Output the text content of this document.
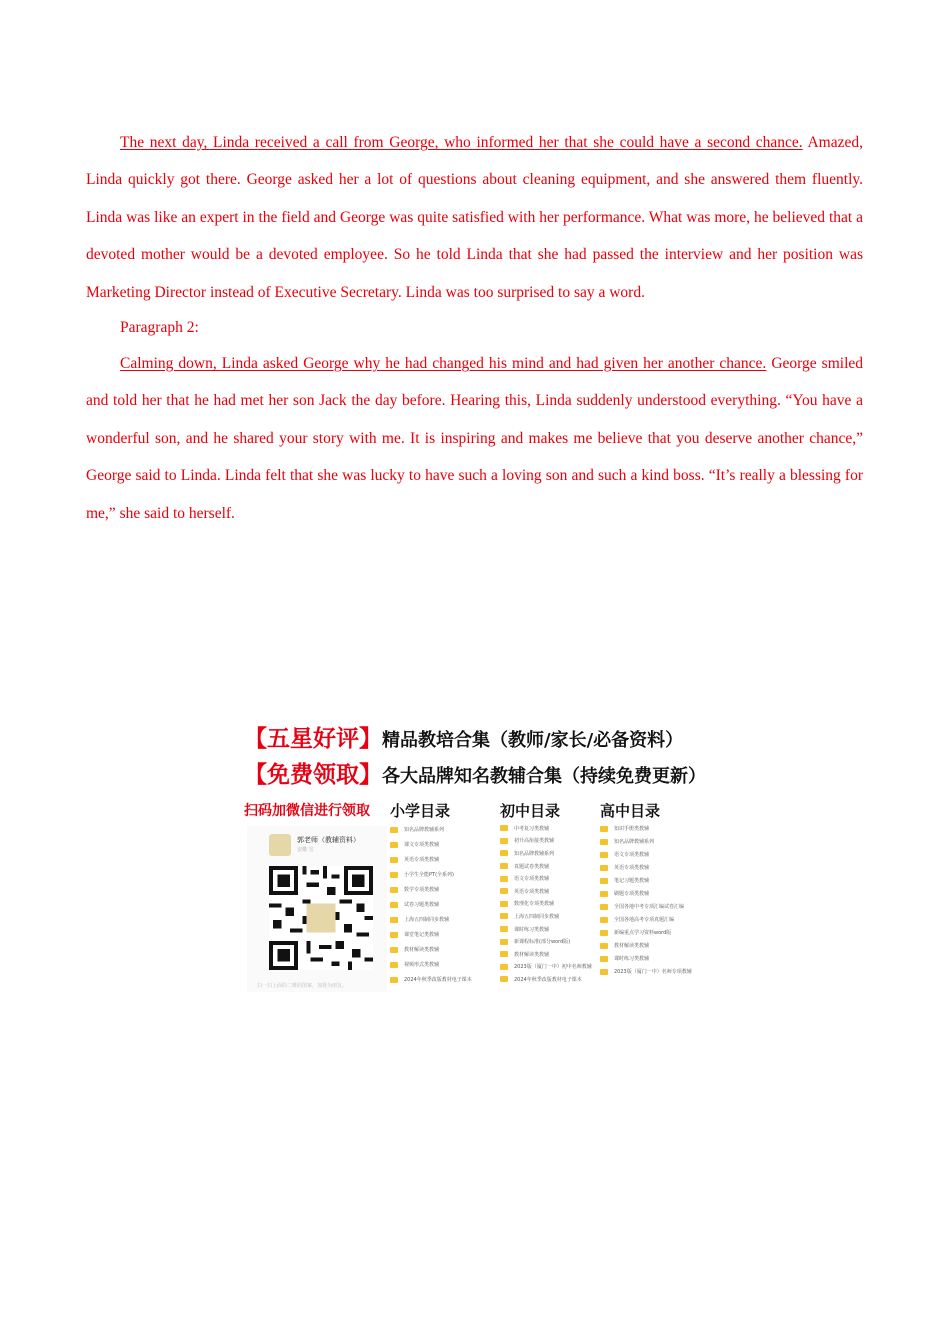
The next day, Linda received a call from George, who informed her that she could have a second chance. Amazed, Linda quickly got there. George asked her a lot of questions about cleaning equipment, and she answered them fluently. Linda was like an expert in the field and George was quite satisfied with her performance. What was more, he believed that a devoted mother would be a devoted employee. So he told Linda that she had passed the interview and her position was Marketing Director instead of Executive Secretary. Linda was too surprised to say a word.

Paragraph 2:

Calming down, Linda asked George why he had changed his mind and had given her another chance. George smiled and told her that he had met her son Jack the day before. Hearing this, Linda suddenly understood everything. “You have a wonderful son, and he shared your story with me. It is inspiring and makes me believe that you deserve another chance,” George said to Linda. Linda felt that she was lucky to have such a loving son and such a kind boss. “It’s really a blessing for me,” she said to herself.

【五星好评】精品教培合集（教师/家长/必备资料）
【免费领取】各大品牌知名教辅合集（持续免费更新）
扫码加微信进行领取 小学目录	初中目录	高中目录
郭老师（教辅资料）
安徽 宣
扫一扫上面的二维码图案，加我为朋友。
知名品牌教辅系列
课文专项类教辅
英语专项类教辅
小学生全能PT(全系列)
数学专项类教辅
试卷习题类教辅
上海五四制同步教辅
课堂笔记类教辅
教材解读类教辅
视频形式类教辅
2024年秋季改版教材电子课本
中考复习类教辅
初升高衔接类教辅
知名品牌教辅系列
真题试卷类教辅
语文专项类教辅
英语专项类教辅
数理化专项类教辅
上海五四制同步教辅
课时练习类教辅
新课程标准(部分word版)
教材解读类教辅
2023版（厦门一中）初中名师教辅
2024年秋季改版教材电子课本
知识手册类教辅
知名品牌教辅系列
语文专项类教辅
英语专项类教辅
笔记习题类教辅
刷题专项类教辅
全国各地中考专项汇编试卷汇编
全国各地高考专项真题汇编
新编重点学习资料word版
教材解读类教辅
课时练习类教辅
2023版（厦门一中）名师专项教辅
